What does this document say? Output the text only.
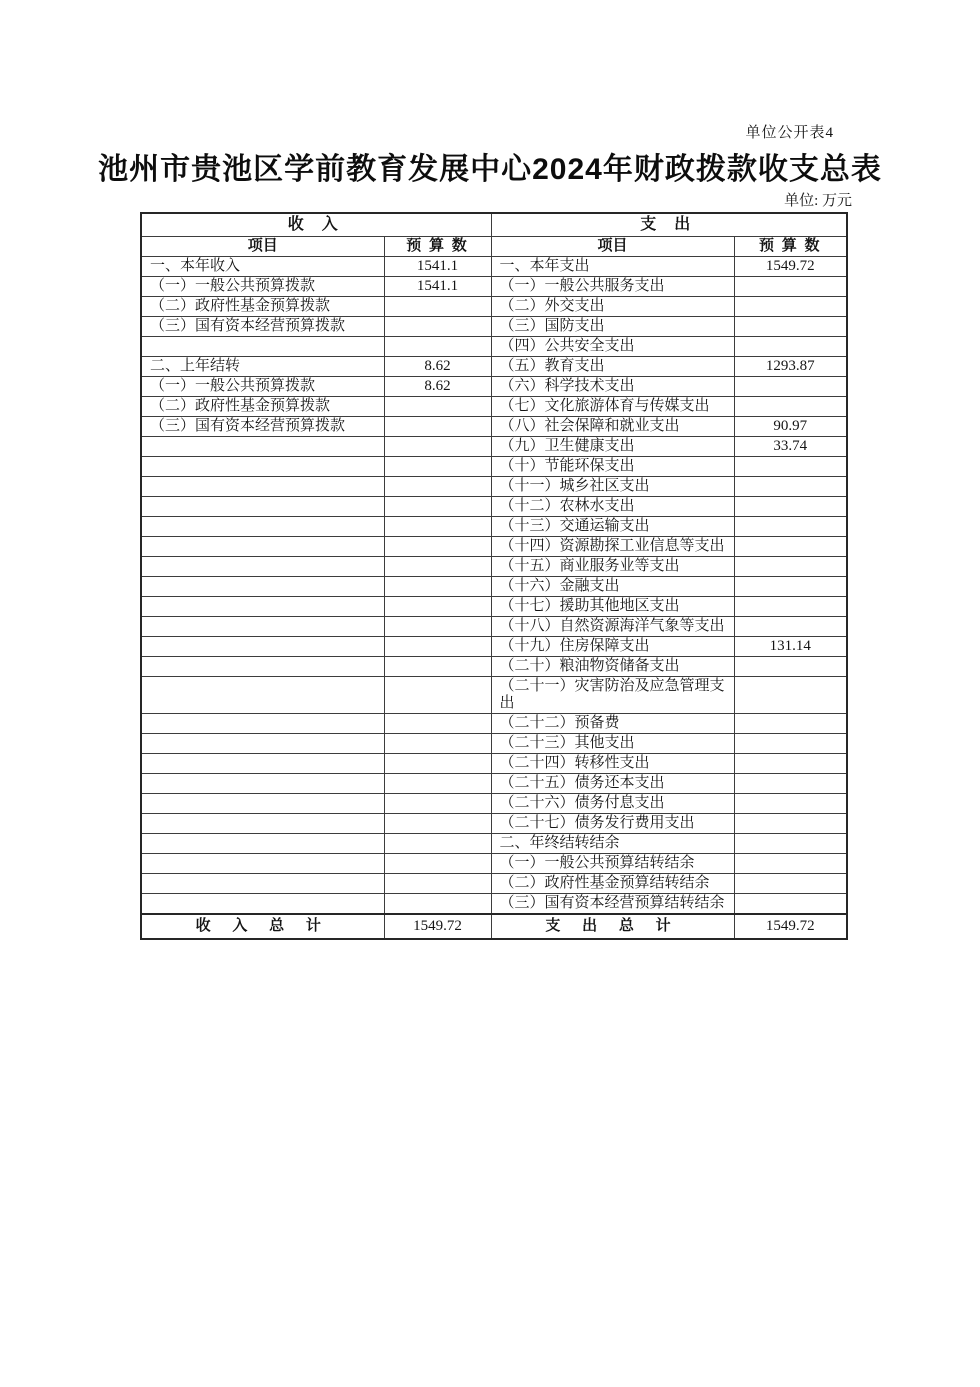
单位公开表4
池州市贵池区学前教育发展中心2024年财政拨款收支总表
单位: 万元
收 入		支 出	
项目	预 算 数	项目	预 算 数
一、本年收入	1541.1	一、本年支出	1549.72
（一）一般公共预算拨款	1541.1	（一）一般公共服务支出	
（二）政府性基金预算拨款		（二）外交支出	
（三）国有资本经营预算拨款		（三）国防支出	
		（四）公共安全支出	
二、上年结转	8.62	（五）教育支出	1293.87
（一）一般公共预算拨款	8.62	（六）科学技术支出	
（二）政府性基金预算拨款		（七）文化旅游体育与传媒支出	
（三）国有资本经营预算拨款		（八）社会保障和就业支出	90.97
		（九）卫生健康支出	33.74
		（十）节能环保支出	
		（十一）城乡社区支出	
		（十二）农林水支出	
		（十三）交通运输支出	
		（十四）资源勘探工业信息等支出	
		（十五）商业服务业等支出	
		（十六）金融支出	
		（十七）援助其他地区支出	
		（十八）自然资源海洋气象等支出	
		（十九）住房保障支出	131.14
		（二十）粮油物资储备支出	
		（二十一）灾害防治及应急管理支出	
		（二十二）预备费	
		（二十三）其他支出	
		（二十四）转移性支出	
		（二十五）债务还本支出	
		（二十六）债务付息支出	
		（二十七）债务发行费用支出	
		二、年终结转结余	
		（一）一般公共预算结转结余	
		（二）政府性基金预算结转结余	
		（三）国有资本经营预算结转结余	
收 入 总 计	1549.72	支 出 总 计	1549.72
